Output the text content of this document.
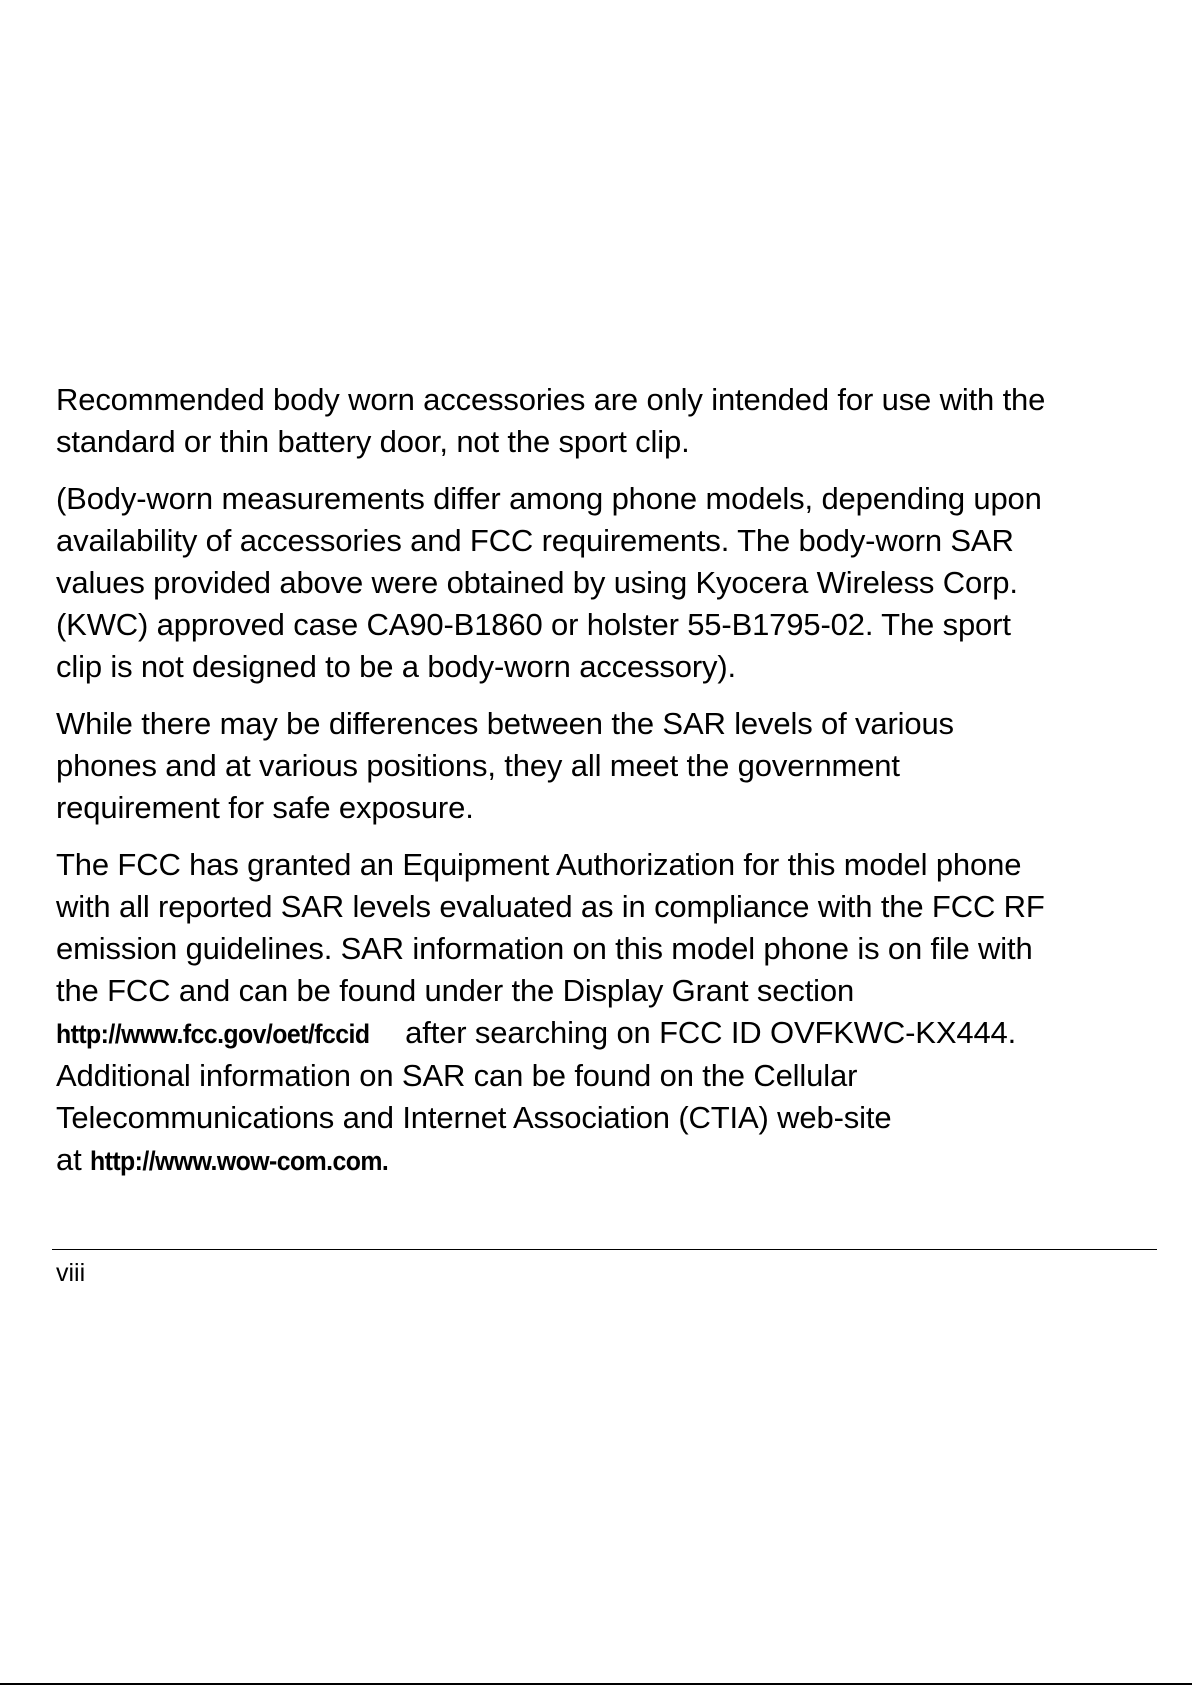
Recommended body worn accessories are only intended for use with the
standard or thin battery door, not the sport clip.

(Body-worn measurements differ among phone models, depending upon
availability of accessories and FCC requirements. The body-worn SAR
values provided above were obtained by using Kyocera Wireless Corp.
(KWC) approved case CA90-B1860 or holster 55-B1795-02. The sport
clip is not designed to be a body-worn accessory).

While there may be differences between the SAR levels of various
phones and at various positions, they all meet the government
requirement for safe exposure.

The FCC has granted an Equipment Authorization for this model phone
with all reported SAR levels evaluated as in compliance with the FCC RF
emission guidelines. SAR information on this model phone is on file with
the FCC and can be found under the Display Grant section
http://www.fcc.gov/oet/fccid after searching on FCC ID OVFKWC-KX444.
Additional information on SAR can be found on the Cellular
Telecommunications and Internet Association (CTIA) web-site
at http://www.wow-com.com.

viii
